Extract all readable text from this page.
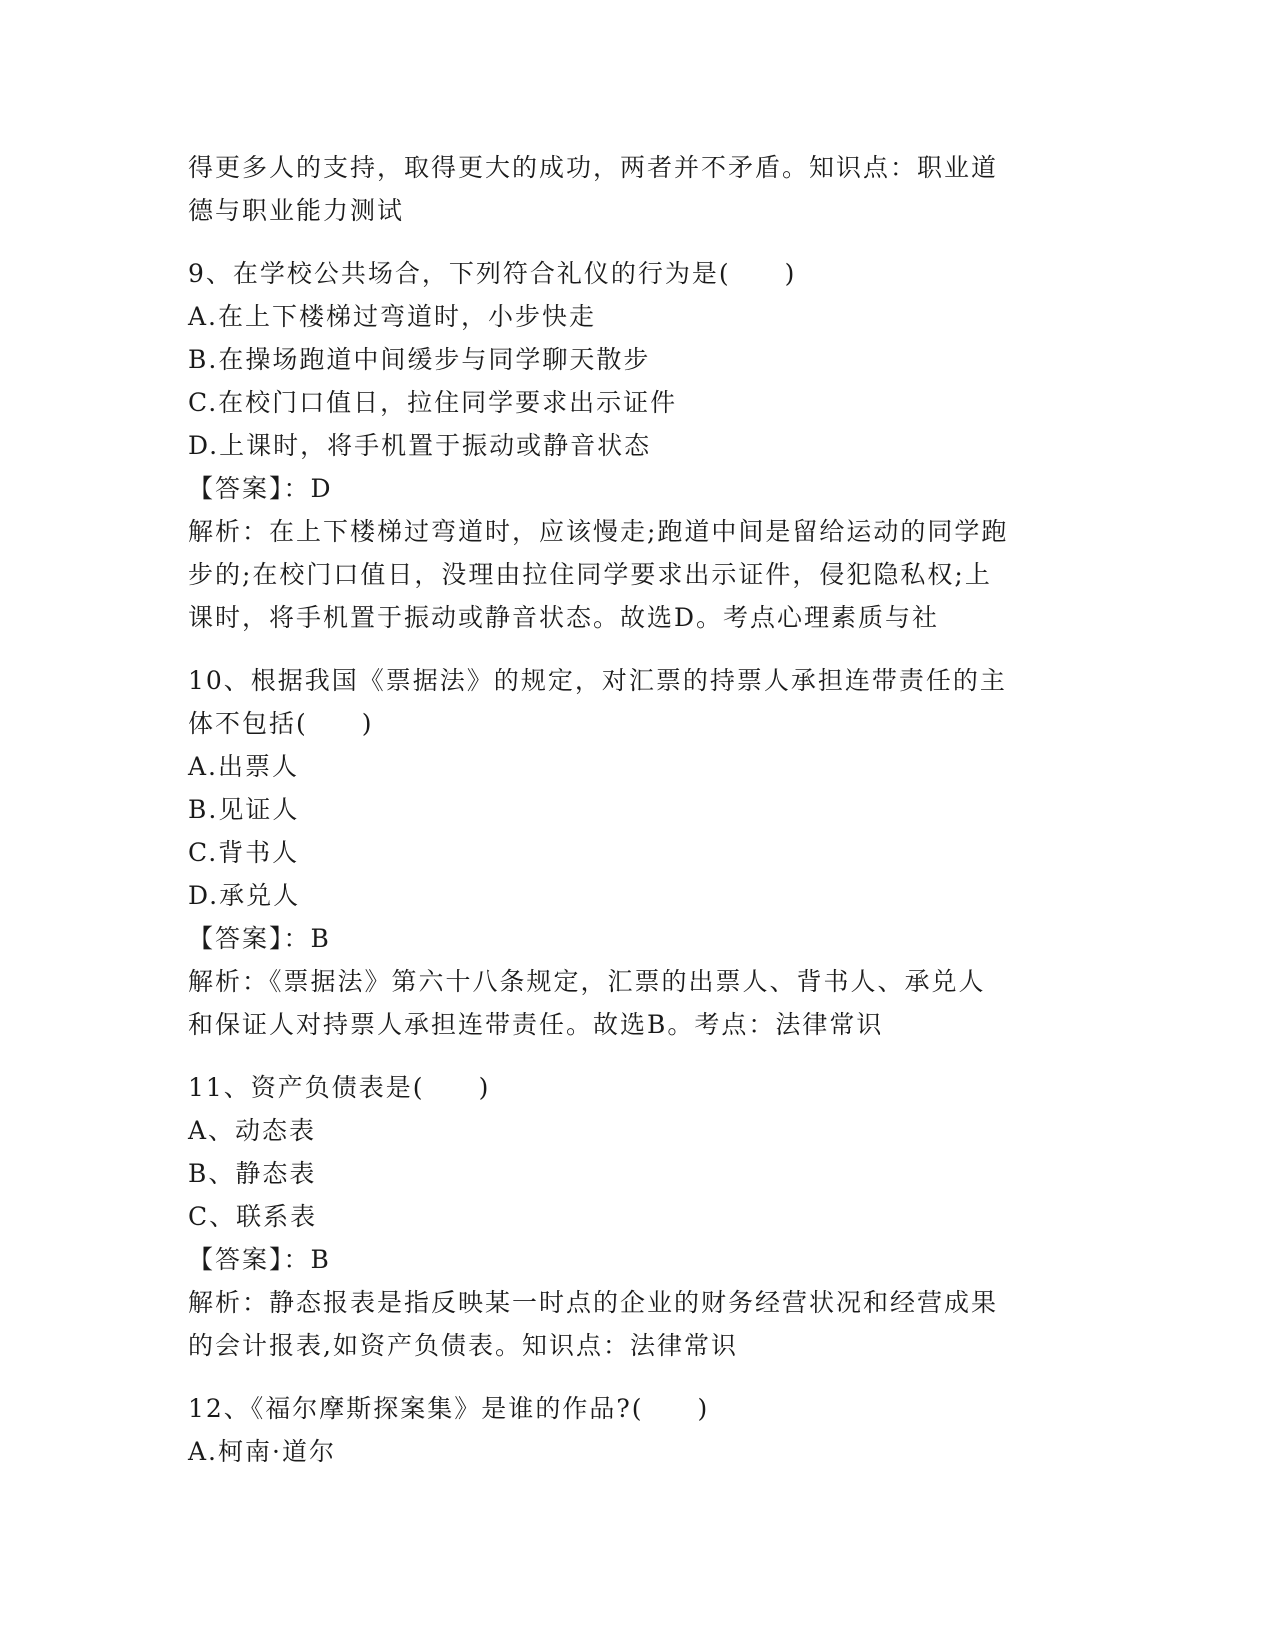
得更多人的支持，取得更大的成功，两者并不矛盾。知识点：职业道
德与职业能力测试
9、在学校公共场合，下列符合礼仪的行为是(　　)
A.在上下楼梯过弯道时，小步快走
B.在操场跑道中间缓步与同学聊天散步
C.在校门口值日，拉住同学要求出示证件
D.上课时，将手机置于振动或静音状态
【答案】：D
解析：在上下楼梯过弯道时，应该慢走;跑道中间是留给运动的同学跑
步的;在校门口值日，没理由拉住同学要求出示证件，侵犯隐私权;上
课时，将手机置于振动或静音状态。故选D。考点心理素质与社
10、根据我国《票据法》的规定，对汇票的持票人承担连带责任的主
体不包括(　　)
A.出票人
B.见证人
C.背书人
D.承兑人
【答案】：B
解析：《票据法》第六十八条规定，汇票的出票人、背书人、承兑人
和保证人对持票人承担连带责任。故选B。考点：法律常识
11、资产负债表是(　　)
A、动态表
B、静态表
C、联系表
【答案】：B
解析：静态报表是指反映某一时点的企业的财务经营状况和经营成果
的会计报表,如资产负债表。知识点：法律常识
12、《福尔摩斯探案集》是谁的作品?(　　)
A.柯南·道尔
